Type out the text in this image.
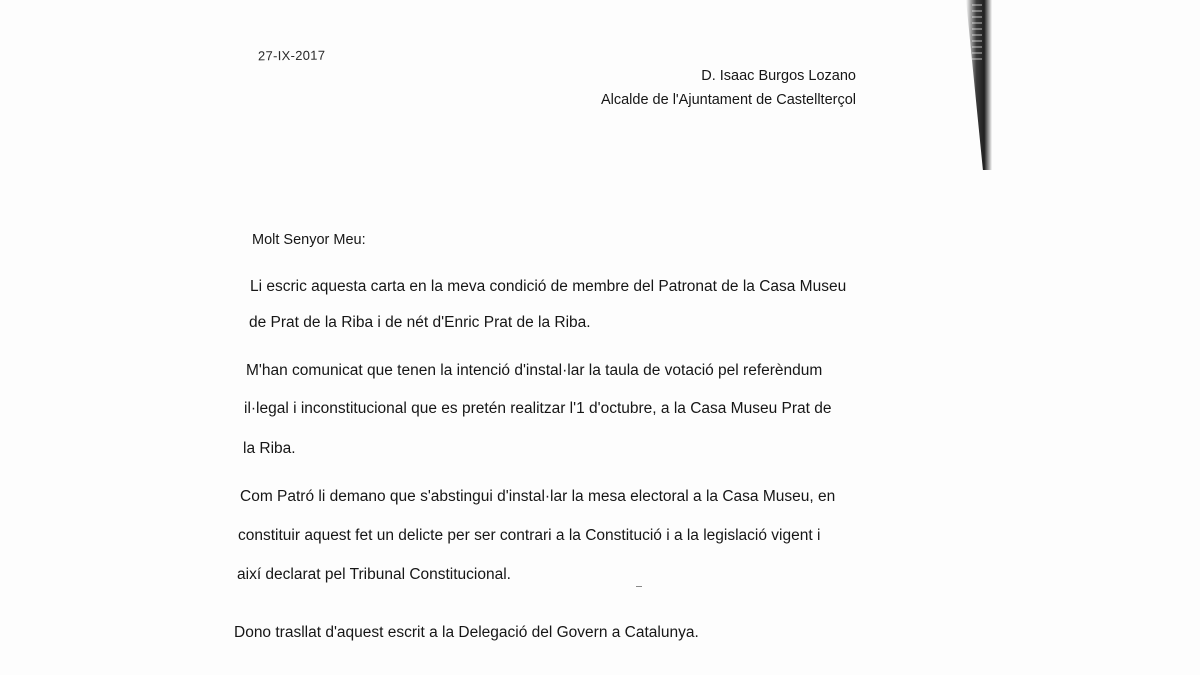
27-IX-2017
D. Isaac Burgos Lozano
Alcalde de l'Ajuntament de Castellterçol
Molt Senyor Meu:
Li escric aquesta carta en la meva condició de membre del Patronat de la Casa Museu
de Prat de la Riba i de nét d'Enric Prat de la Riba.
M'han comunicat que tenen la intenció d'instal·lar la taula de votació pel referèndum
il·legal i inconstitucional que es pretén realitzar l'1 d'octubre, a la Casa Museu Prat de
la Riba.
Com Patró li demano que s'abstingui d'instal·lar la mesa electoral a la Casa Museu, en
constituir aquest fet un delicte per ser contrari a la Constitució i a la legislació vigent i
així declarat pel Tribunal Constitucional.
Dono trasllat d'aquest escrit a la Delegació del Govern a Catalunya.
